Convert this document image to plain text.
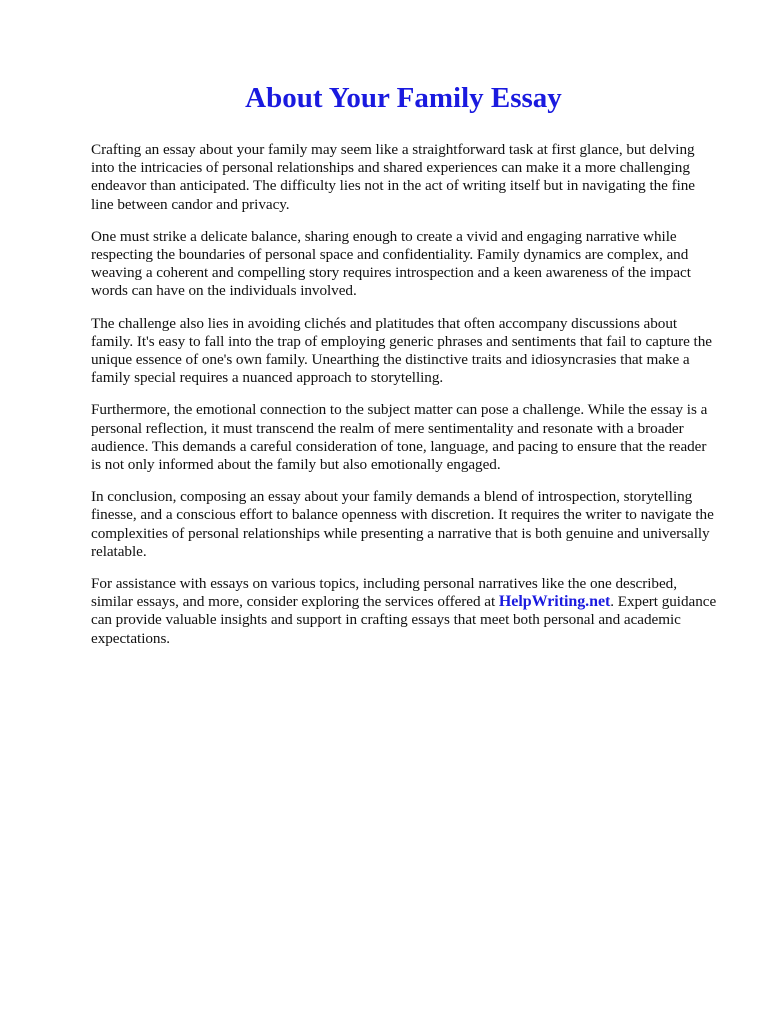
About Your Family Essay

Crafting an essay about your family may seem like a straightforward task at first glance, but delving into the intricacies of personal relationships and shared experiences can make it a more challenging endeavor than anticipated. The difficulty lies not in the act of writing itself but in navigating the fine line between candor and privacy.

One must strike a delicate balance, sharing enough to create a vivid and engaging narrative while respecting the boundaries of personal space and confidentiality. Family dynamics are complex, and weaving a coherent and compelling story requires introspection and a keen awareness of the impact words can have on the individuals involved.

The challenge also lies in avoiding clichés and platitudes that often accompany discussions about family. It's easy to fall into the trap of employing generic phrases and sentiments that fail to capture the unique essence of one's own family. Unearthing the distinctive traits and idiosyncrasies that make a family special requires a nuanced approach to storytelling.

Furthermore, the emotional connection to the subject matter can pose a challenge. While the essay is a personal reflection, it must transcend the realm of mere sentimentality and resonate with a broader audience. This demands a careful consideration of tone, language, and pacing to ensure that the reader is not only informed about the family but also emotionally engaged.

In conclusion, composing an essay about your family demands a blend of introspection, storytelling finesse, and a conscious effort to balance openness with discretion. It requires the writer to navigate the complexities of personal relationships while presenting a narrative that is both genuine and universally relatable.

For assistance with essays on various topics, including personal narratives like the one described, similar essays, and more, consider exploring the services offered at HelpWriting.net. Expert guidance can provide valuable insights and support in crafting essays that meet both personal and academic expectations.
